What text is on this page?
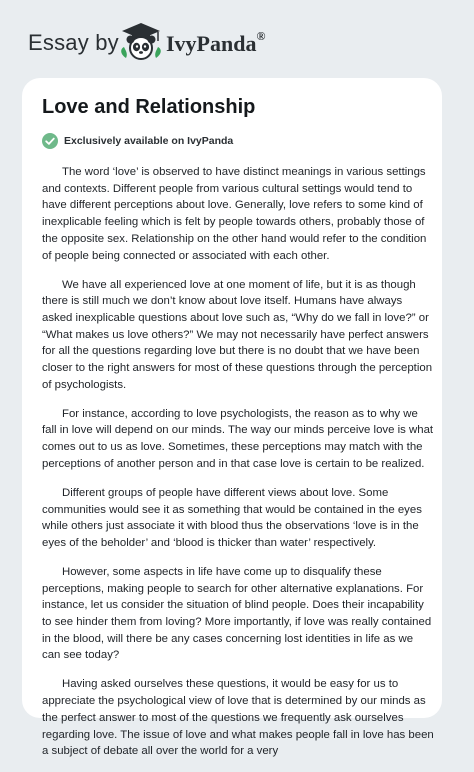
Essay by IvyPanda®
Love and Relationship
Exclusively available on IvyPanda

The word ‘love’ is observed to have distinct meanings in various settings and contexts. Different people from various cultural settings would tend to have different perceptions about love. Generally, love refers to some kind of inexplicable feeling which is felt by people towards others, probably those of the opposite sex. Relationship on the other hand would refer to the condition of people being connected or associated with each other.

We have all experienced love at one moment of life, but it is as though there is still much we don’t know about love itself. Humans have always asked inexplicable questions about love such as, “Why do we fall in love?” or “What makes us love others?” We may not necessarily have perfect answers for all the questions regarding love but there is no doubt that we have been closer to the right answers for most of these questions through the perception of psychologists.

For instance, according to love psychologists, the reason as to why we fall in love will depend on our minds. The way our minds perceive love is what comes out to us as love. Sometimes, these perceptions may match with the perceptions of another person and in that case love is certain to be realized.

Different groups of people have different views about love. Some communities would see it as something that would be contained in the eyes while others just associate it with blood thus the observations ‘love is in the eyes of the beholder’ and ‘blood is thicker than water’ respectively.

However, some aspects in life have come up to disqualify these perceptions, making people to search for other alternative explanations. For instance, let us consider the situation of blind people. Does their incapability to see hinder them from loving? More importantly, if love was really contained in the blood, will there be any cases concerning lost identities in life as we can see today?

Having asked ourselves these questions, it would be easy for us to appreciate the psychological view of love that is determined by our minds as the perfect answer to most of the questions we frequently ask ourselves regarding love. The issue of love and what makes people fall in love has been a subject of debate all over the world for a very
